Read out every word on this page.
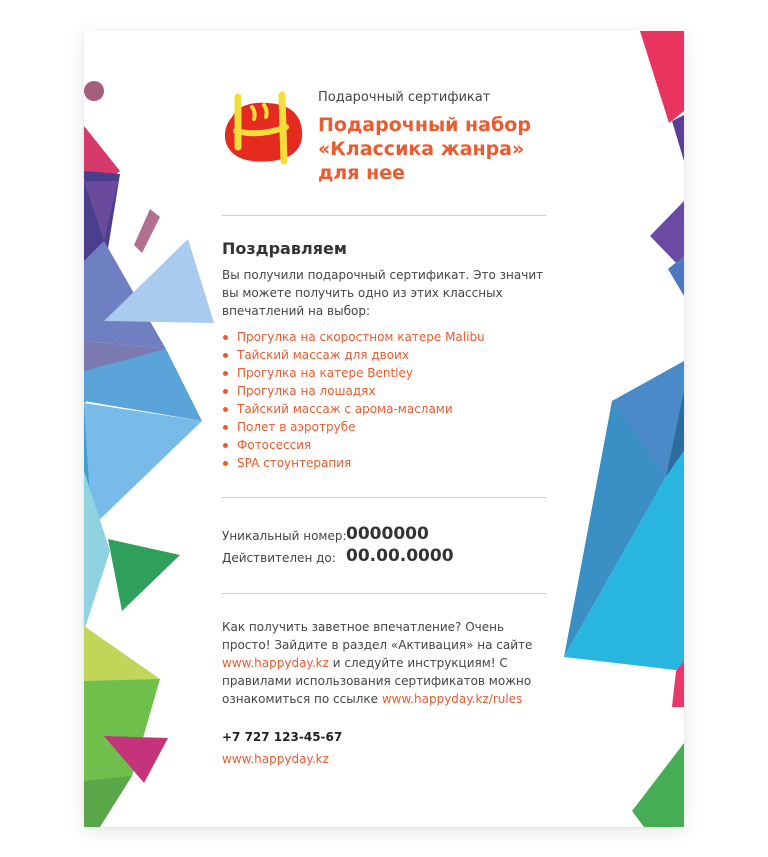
Подарочный сертификат
Подарочный набор «Классика жанра» для нее
Поздравляем
Вы получили подарочный сертификат. Это значит вы можете получить одно из этих классных впечатлений на выбор:
Прогулка на скоростном катере Malibu
Тайский массаж для двоих
Прогулка на катере Bentley
Прогулка на лошадях
Тайский массаж с арома-маслами
Полет в аэротрубе
Фотосессия
SPA стоунтерапия
Уникальный номер: 0000000
Действителен до: 00.00.0000
Как получить заветное впечатление? Очень просто! Зайдите в раздел «Активация» на сайте www.happyday.kz и следуйте инструкциям! С правилами использования сертификатов можно ознакомиться по ссылке www.happyday.kz/rules
+7 727 123-45-67
www.happyday.kz
